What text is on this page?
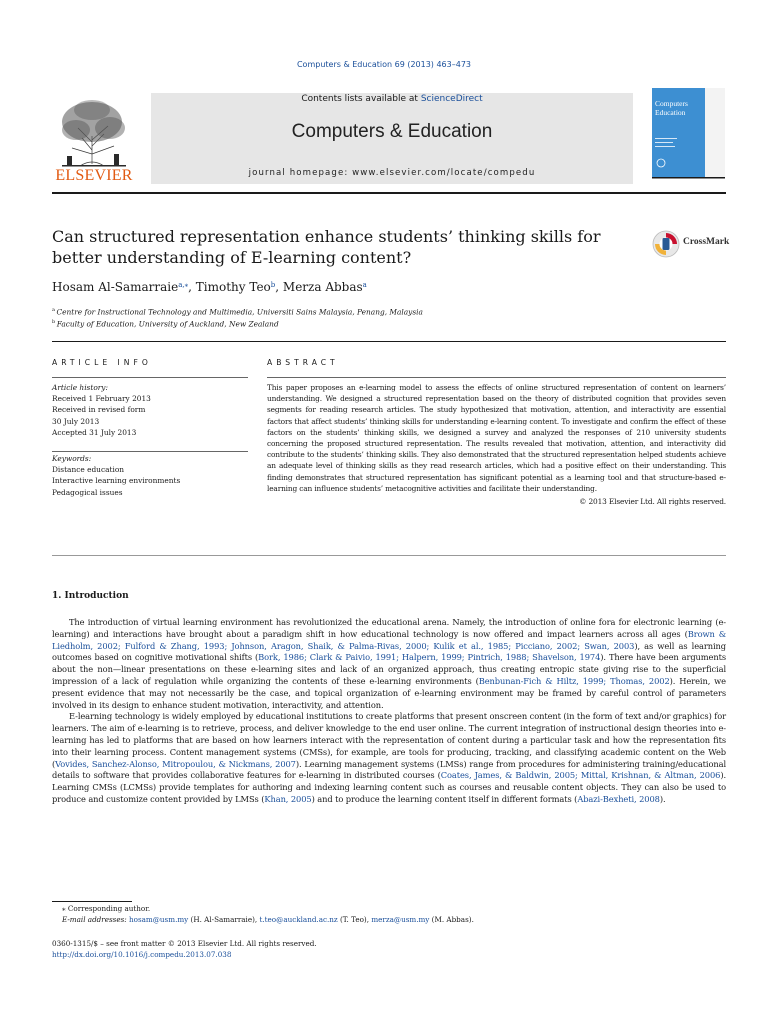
Computers & Education 69 (2013) 463–473
ELSEVIER
Contents lists available at ScienceDirect
Computers & Education
journal homepage: www.elsevier.com/locate/compedu
Computers
Education
Can structured representation enhance students’ thinking skills for better understanding of E-learning content?
CrossMark
Hosam Al-Samarraie$^{a,⁎}$, Timothy Teo$^b$, Merza Abbas$^a$
$^a$ Centre for Instructional Technology and Multimedia, Universiti Sains Malaysia, Penang, Malaysia
$^b$ Faculty of Education, University of Auckland, New Zealand
ARTICLE INFO	ABSTRACT
Article history:
Received 1 February 2013
Received in revised form
30 July 2013
Accepted 31 July 2013
Keywords:
Distance education
Interactive learning environments
Pedagogical issues
This paper proposes an e-learning model to assess the effects of online structured representation of content on learners’ understanding. We designed a structured representation based on the theory of distributed cognition that provides seven segments for reading research articles. The study hypothesized that motivation, attention, and interactivity are essential factors that affect students’ thinking skills for understanding e-learning content. To investigate and confirm the effect of these factors on the students’ thinking skills, we designed a survey and analyzed the responses of 210 university students concerning the proposed structured representation. The results revealed that motivation, attention, and interactivity did contribute to the students’ thinking skills. They also demonstrated that the structured representation helped students achieve an adequate level of thinking skills as they read research articles, which had a positive effect on their understanding. This finding demonstrates that structured representation has significant potential as a learning tool and that structure-based e-learning can influence students’ metacognitive activities and facilitate their understanding.
© 2013 Elsevier Ltd. All rights reserved.
1. Introduction

The introduction of virtual learning environment has revolutionized the educational arena. Namely, the introduction of online fora for electronic learning (e-learning) and interactions have brought about a paradigm shift in how educational technology is now offered and impact learners across all ages (Brown & Liedholm, 2002; Fulford & Zhang, 1993; Johnson, Aragon, Shaik, & Palma-Rivas, 2000; Kulik et al., 1985; Picciano, 2002; Swan, 2003), as well as learning outcomes based on cognitive motivational shifts (Bork, 1986; Clark & Paivio, 1991; Halpern, 1999; Pintrich, 1988; Shavelson, 1974). There have been arguments about the non—linear presentations on these e-learning sites and lack of an organized approach, thus creating entropic state giving rise to the superficial impression of a lack of regulation while organizing the contents of these e-learning environments (Benbunan-Fich & Hiltz, 1999; Thomas, 2002). Herein, we present evidence that may not necessarily be the case, and topical organization of e-learning environment may be framed by careful control of parameters involved in its design to enhance student motivation, interactivity, and attention.

E-learning technology is widely employed by educational institutions to create platforms that present onscreen content (in the form of text and/or graphics) for learners. The aim of e-learning is to retrieve, process, and deliver knowledge to the end user online. The current integration of instructional design theories into e-learning has led to platforms that are based on how learners interact with the representation of content during a particular task and how the representation fits into their learning process. Content management systems (CMSs), for example, are tools for producing, tracking, and classifying academic content on the Web (Vovides, Sanchez-Alonso, Mitropoulou, & Nickmans, 2007). Learning management systems (LMSs) range from procedures for administering training/educational details to software that provides collaborative features for e-learning in distributed courses (Coates, James, & Baldwin, 2005; Mittal, Krishnan, & Altman, 2006). Learning CMSs (LCMSs) provide templates for authoring and indexing learning content such as courses and reusable content objects. They can also be used to produce and customize content provided by LMSs (Khan, 2005) and to produce the learning content itself in different formats (Abazi-Bexheti, 2008).

⁎ Corresponding author.
E-mail addresses: hosam@usm.my (H. Al-Samarraie), t.teo@auckland.ac.nz (T. Teo), merza@usm.my (M. Abbas).
0360-1315/$ – see front matter © 2013 Elsevier Ltd. All rights reserved.
http://dx.doi.org/10.1016/j.compedu.2013.07.038
